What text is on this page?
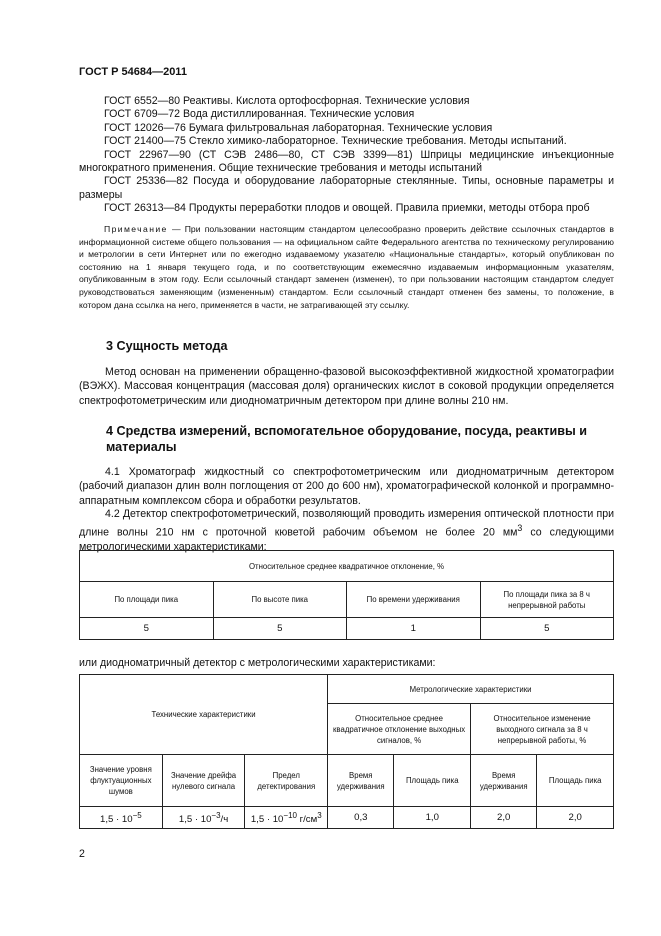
ГОСТ Р 54684—2011

ГОСТ 6552—80 Реактивы. Кислота ортофосфорная. Технические условия

ГОСТ 6709—72 Вода дистиллированная. Технические условия

ГОСТ 12026—76 Бумага фильтровальная лабораторная. Технические условия

ГОСТ 21400—75 Стекло химико-лабораторное. Технические требования. Методы испытаний.

ГОСТ 22967—90 (СТ СЭВ 2486—80, СТ СЭВ 3399—81) Шприцы медицинские инъекционные многократного применения. Общие технические требования и методы испытаний

ГОСТ 25336—82 Посуда и оборудование лабораторные стеклянные. Типы, основные параметры и размеры

ГОСТ 26313—84 Продукты переработки плодов и овощей. Правила приемки, методы отбора проб

Примечание — При пользовании настоящим стандартом целесообразно проверить действие ссылочных стандартов в информационной системе общего пользования — на официальном сайте Федерального агентства по техническому регулированию и метрологии в сети Интернет или по ежегодно издаваемому указателю «Национальные стандарты», который опубликован по состоянию на 1 января текущего года, и по соответствующим ежемесячно издаваемым информационным указателям, опубликованным в этом году. Если ссылочный стандарт заменен (изменен), то при пользовании настоящим стандартом следует руководствоваться заменяющим (измененным) стандартом. Если ссылочный стандарт отменен без замены, то положение, в котором дана ссылка на него, применяется в части, не затрагивающей эту ссылку.
3 Сущность метода

Метод основан на применении обращенно-фазовой высокоэффективной жидкостной хроматографии (ВЭЖХ). Массовая концентрация (массовая доля) органических кислот в соковой продукции определяется спектрофотометрическим или диодноматричным детектором при длине волны 210 нм.

4 Средства измерений, вспомогательное оборудование, посуда, реактивы и материалы

4.1 Хроматограф жидкостный со спектрофотометрическим или диодноматричным детектором (рабочий диапазон длин волн поглощения от 200 до 600 нм), хроматографической колонкой и программно-аппаратным комплексом сбора и обработки результатов.

4.2 Детектор спектрофотометрический, позволяющий проводить измерения оптической плотности при длине волны 210 нм с проточной кюветой рабочим объемом не более 20 $мм^3$ со следующими метрологическими характеристиками:

Относительное среднее квадратичное отклонение, %			
По площади пика	По высоте пика	По времени удерживания	По площади пика за 8 ч непрерывной работы
5	5	1	5

или диодноматричный детектор с метрологическими характеристиками:

Технические характеристики			Метрологические характеристики			
			Относительное среднее квадратичное отклонение выходных сигналов, %		Относительное изменение выходного сигнала за 8 ч непрерывной работы, %	
Значение уровня флуктуационных шумов	Значение дрейфа нулевого сигнала	Предел детектирования	Время удерживания	Площадь пика	Время удерживания	Площадь пика
$1,5 \cdot 10^{-5}$	$1,5 \cdot 10^{-3}/ч$	$1,5 \cdot 10^{-10}$ $г/см^3$	0,3	1,0	2,0	2,0
2
